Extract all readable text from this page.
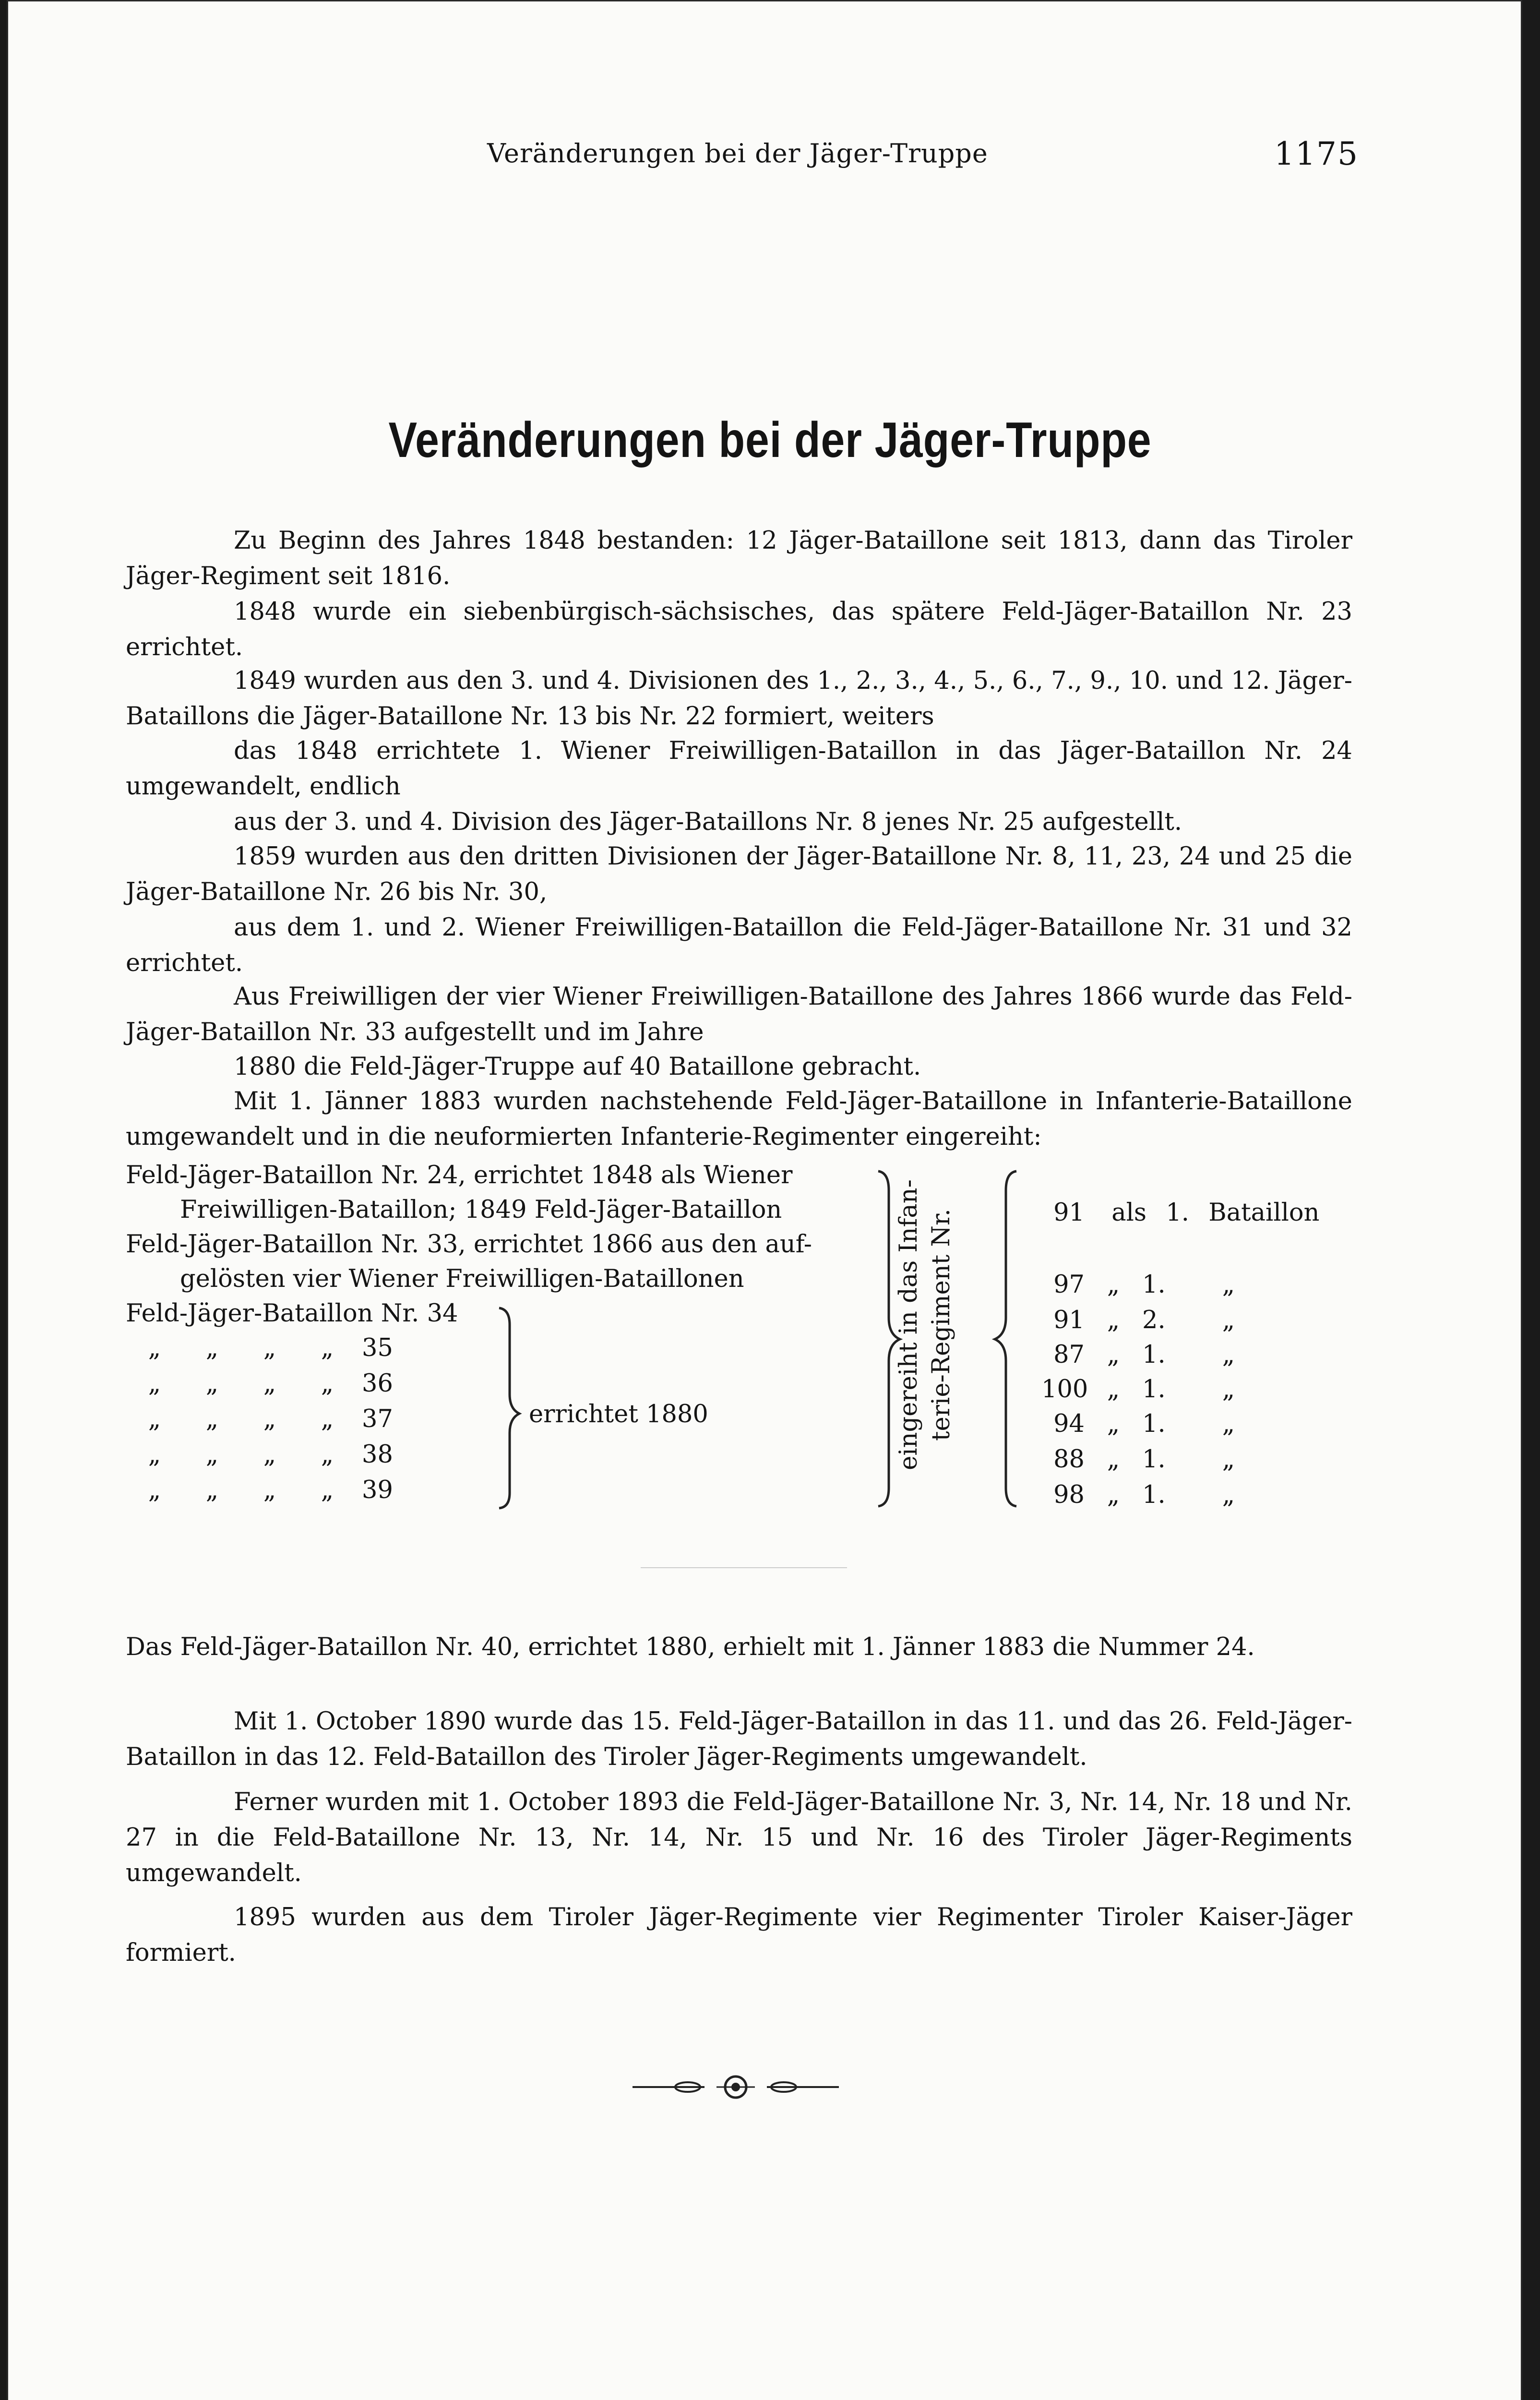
Veränderungen bei der Jäger-Truppe	1175
Veränderungen bei der Jäger-Truppe
Zu Beginn des Jahres 1848 bestanden: 12 Jäger-Bataillone seit 1813, dann das Tiroler Jäger-Regiment seit 1816.
1848 wurde ein siebenbürgisch-sächsisches, das spätere Feld-Jäger-Bataillon Nr. 23 errichtet.
1849 wurden aus den 3. und 4. Divisionen des 1., 2., 3., 4., 5., 6., 7., 9., 10. und 12. Jäger-Bataillons die Jäger-Bataillone Nr. 13 bis Nr. 22 formiert, weiters
das 1848 errichtete 1. Wiener Freiwilligen-Bataillon in das Jäger-Bataillon Nr. 24 umgewandelt, endlich
aus der 3. und 4. Division des Jäger-Bataillons Nr. 8 jenes Nr. 25 aufgestellt.
1859 wurden aus den dritten Divisionen der Jäger-Bataillone Nr. 8, 11, 23, 24 und 25 die Jäger-Bataillone Nr. 26 bis Nr. 30,
aus dem 1. und 2. Wiener Freiwilligen-Bataillon die Feld-Jäger-Bataillone Nr. 31 und 32 errichtet.
Aus Freiwilligen der vier Wiener Freiwilligen-Bataillone des Jahres 1866 wurde das Feld-Jäger-Bataillon Nr. 33 aufgestellt und im Jahre
1880 die Feld-Jäger-Truppe auf 40 Bataillone gebracht.
Mit 1. Jänner 1883 wurden nachstehende Feld-Jäger-Bataillone in Infanterie-Bataillone umgewandelt und in die neuformierten Infanterie-Regimenter eingereiht:
Feld-Jäger-Bataillon Nr. 24, errichtet 1848 als Wiener
Freiwilligen-Bataillon; 1849 Feld-Jäger-Bataillon
Feld-Jäger-Bataillon Nr. 33, errichtet 1866 aus den auf-
gelösten vier Wiener Freiwilligen-Bataillonen
Feld-Jäger-Bataillon Nr. 34
„ „ „ „ 35
„ „ „ „ 36
„ „ „ „ 37
„ „ „ „ 38
„ „ „ „ 39
errichtet 1880	eingereiht in das Infan- terie-Regiment Nr.	91 als 1. Bataillon
97 „ 1. „
91 „ 2. „
87 „ 1. „
100 „ 1. „
94 „ 1. „
88 „ 1. „
98 „ 1. „
Das Feld-Jäger-Bataillon Nr. 40, errichtet 1880, erhielt mit 1. Jänner 1883 die Nummer 24.
Mit 1. October 1890 wurde das 15. Feld-Jäger-Bataillon in das 11. und das 26. Feld-Jäger-Bataillon in das 12. Feld-Bataillon des Tiroler Jäger-Regiments umgewandelt.
Ferner wurden mit 1. October 1893 die Feld-Jäger-Bataillone Nr. 3, Nr. 14, Nr. 18 und Nr. 27 in die Feld-Bataillone Nr. 13, Nr. 14, Nr. 15 und Nr. 16 des Tiroler Jäger-Regiments umgewandelt.
1895 wurden aus dem Tiroler Jäger-Regimente vier Regimenter Tiroler Kaiser-Jäger formiert.
